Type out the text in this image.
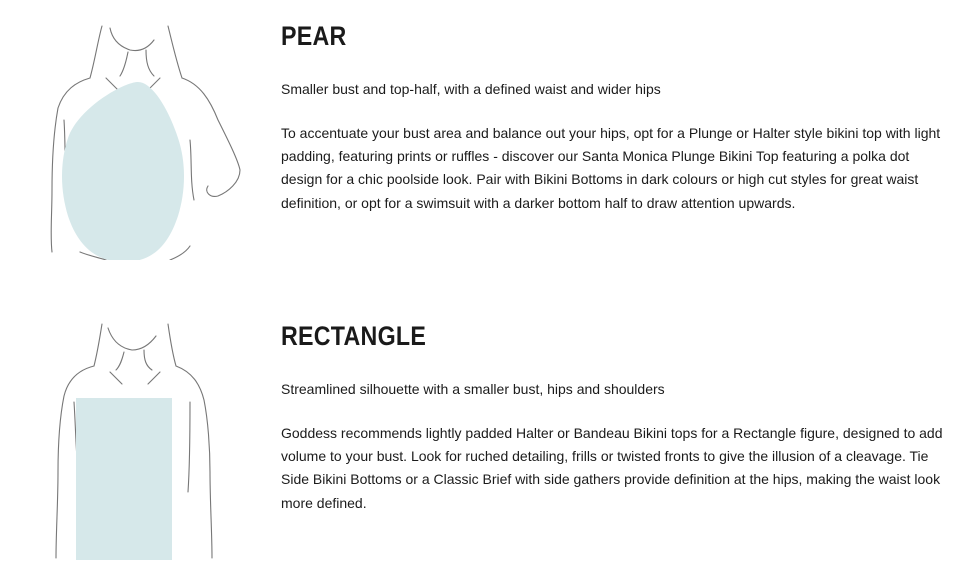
PEAR

Smaller bust and top-half, with a defined waist and wider hips

To accentuate your bust area and balance out your hips, opt for a Plunge or Halter style bikini top with light padding, featuring prints or ruffles - discover our Santa Monica Plunge Bikini Top featuring a polka dot design for a chic poolside look. Pair with Bikini Bottoms in dark colours or high cut styles for great waist definition, or opt for a swimsuit with a darker bottom half to draw attention upwards.

RECTANGLE

Streamlined silhouette with a smaller bust, hips and shoulders

Goddess recommends lightly padded Halter or Bandeau Bikini tops for a Rectangle figure, designed to add volume to your bust. Look for ruched detailing, frills or twisted fronts to give the illusion of a cleavage. Tie Side Bikini Bottoms or a Classic Brief with side gathers provide definition at the hips, making the waist look more defined.
